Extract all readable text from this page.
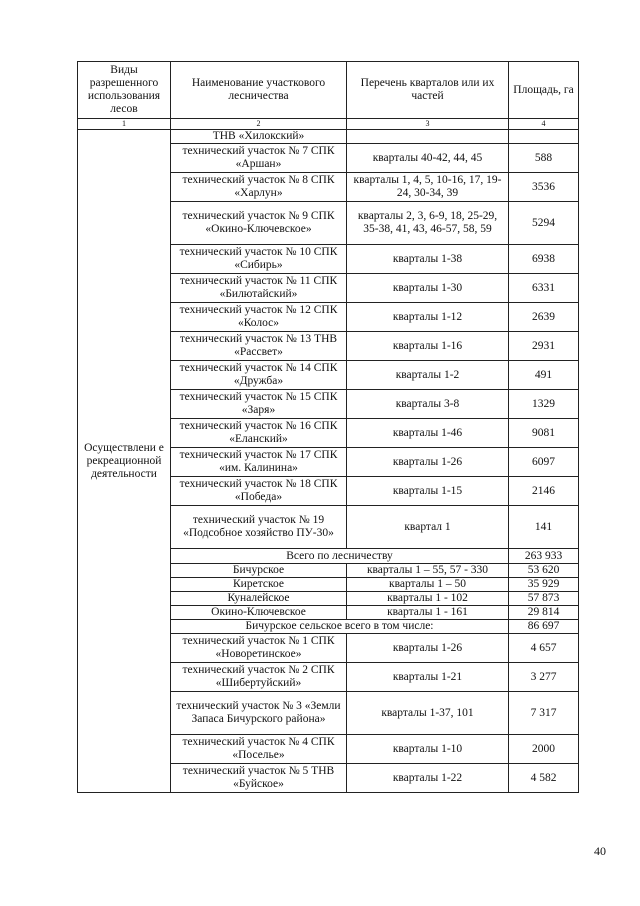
Виды разрешенного использования лесов	Наименование участкового лесничества	Перечень кварталов или их частей	Площадь, га
1	2	3	4
Осуществлени е рекреационной деятельности	ТНВ «Хилокский»		
	технический участок № 7 СПК «Аршан»	кварталы 40-42, 44, 45	588
	технический участок № 8 СПК «Харлун»	кварталы 1, 4, 5, 10-16, 17, 19-24, 30-34, 39	3536
	технический участок № 9 СПК «Окино-Ключевское»	кварталы 2, 3, 6-9, 18, 25-29, 35-38, 41, 43, 46-57, 58, 59	5294
	технический участок № 10 СПК «Сибирь»	кварталы 1-38	6938
	технический участок № 11 СПК «Билютайский»	кварталы 1-30	6331
	технический участок № 12 СПК «Колос»	кварталы 1-12	2639
	технический участок № 13 ТНВ «Рассвет»	кварталы 1-16	2931
	технический участок № 14 СПК «Дружба»	кварталы 1-2	491
	технический участок № 15 СПК «Заря»	кварталы 3-8	1329
	технический участок № 16 СПК «Еланский»	кварталы 1-46	9081
	технический участок № 17 СПК «им. Калинина»	кварталы 1-26	6097
	технический участок № 18 СПК «Победа»	кварталы 1-15	2146
	технический участок № 19 «Подсобное хозяйство ПУ-30»	квартал 1	141
	Всего по лесничеству		263 933
	Бичурское	кварталы 1 – 55, 57 - 330	53 620
	Киретское	кварталы 1 – 50	35 929
	Куналейское	кварталы 1 - 102	57 873
	Окино-Ключевское	кварталы 1 - 161	29 814
	Бичурское сельское всего в том числе:		86 697
	технический участок № 1 СПК «Новоретинское»	кварталы 1-26	4 657
	технический участок № 2 СПК «Шибертуйский»	кварталы 1-21	3 277
	технический участок № 3 «Земли Запаса Бичурского района»	кварталы 1-37, 101	7 317
	технический участок № 4 СПК «Поселье»	кварталы 1-10	2000
	технический участок № 5 ТНВ «Буйское»	кварталы 1-22	4 582
40
